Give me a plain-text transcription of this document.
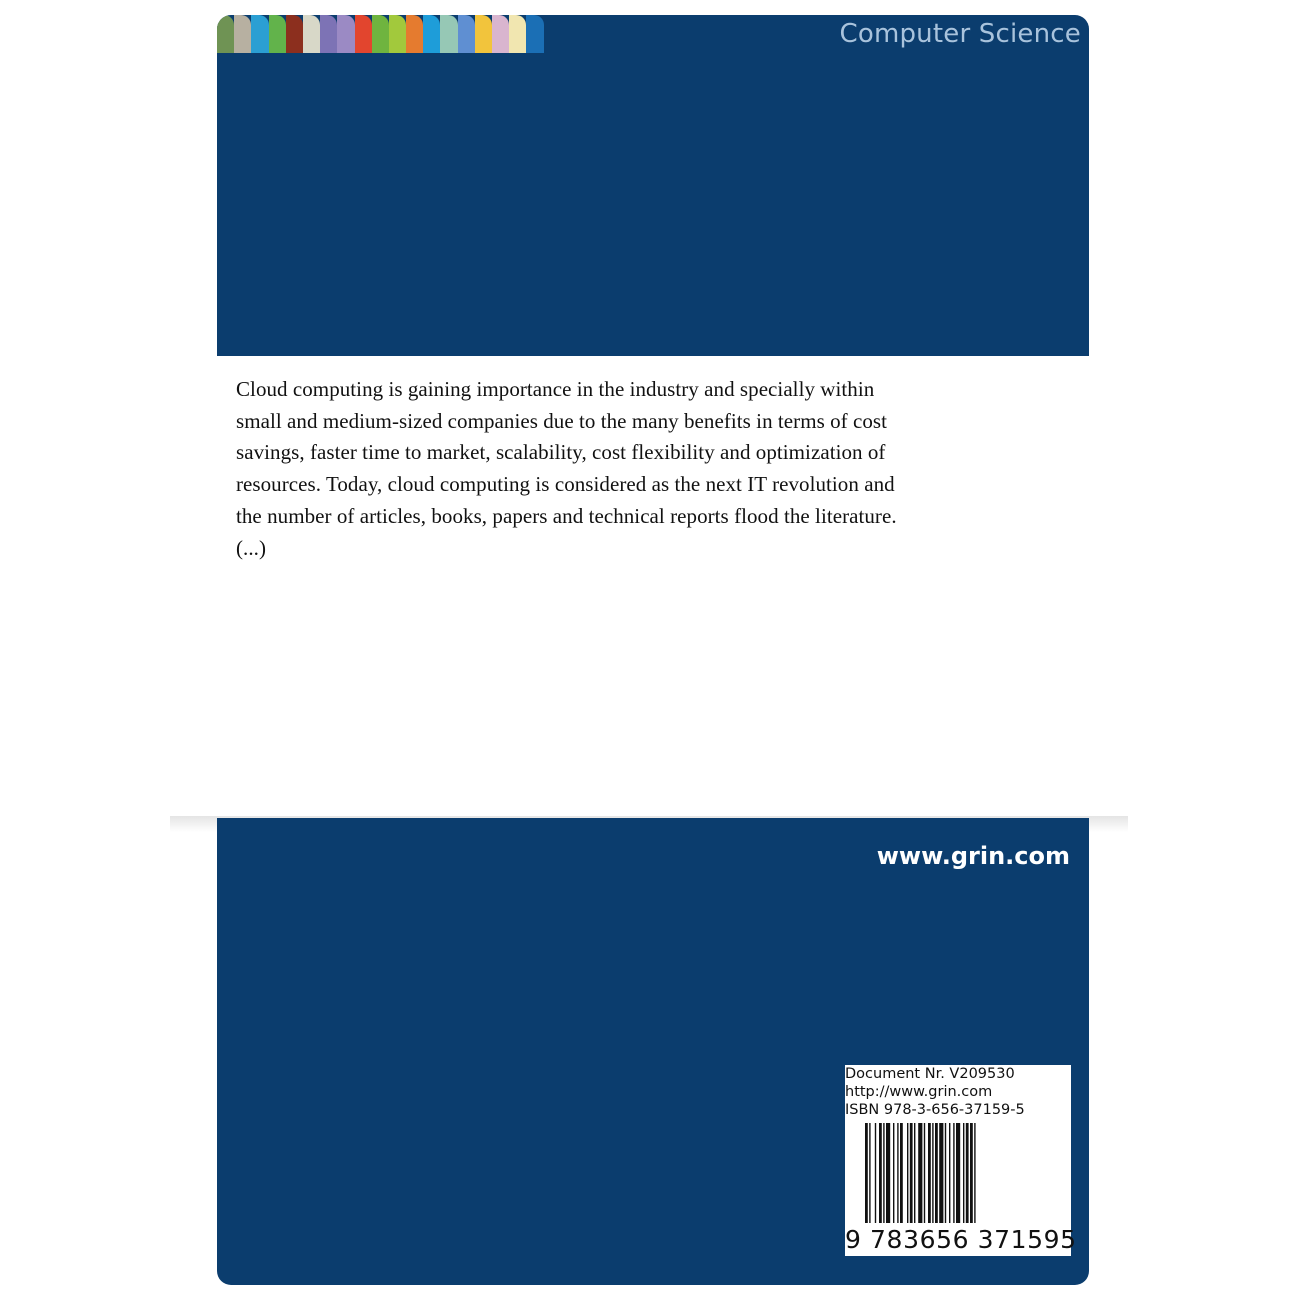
Computer Science

Cloud computing is gaining importance in the industry and specially within
small and medium-sized companies due to the many benefits in terms of cost
savings, faster time to market, scalability, cost flexibility and optimization of
resources. Today, cloud computing is considered as the next IT revolution and
the number of articles, books, papers and technical reports flood the literature.
(...)

www.grin.com
Document Nr. V209530
http://www.grin.com
ISBN 978-3-656-37159-5
9 783656 371595
